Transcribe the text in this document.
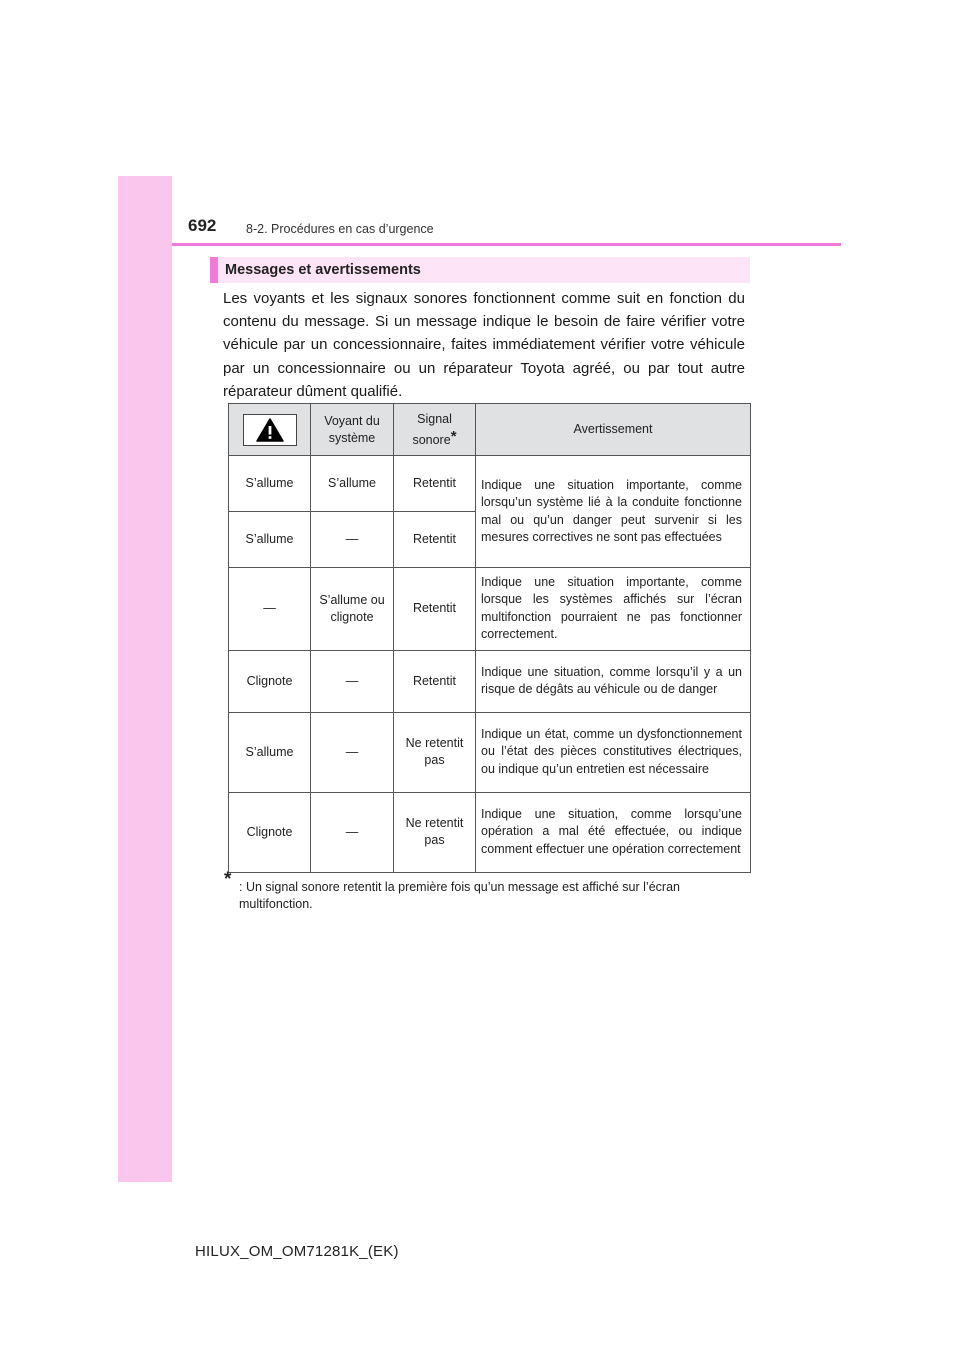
692 8-2. Procédures en cas d’urgence
Messages et avertissements
Les voyants et les signaux sonores fonctionnent comme suit en fonction du contenu du message. Si un message indique le besoin de faire vérifier votre véhicule par un concessionnaire, faites immédiatement vérifier votre véhicule par un concessionnaire ou un réparateur Toyota agréé, ou par tout autre réparateur dûment qualifié.
	Voyant du système	Signal sonore*	Avertissement
S’allume	S’allume	Retentit	Indique une situation importante, comme lorsqu’un système lié à la conduite fonctionne mal ou qu’un danger peut survenir si les mesures correctives ne sont pas effectuées
S’allume	—	Retentit	
—	S’allume ou clignote	Retentit	Indique une situation importante, comme lorsque les systèmes affichés sur l’écran multifonction pourraient ne pas fonctionner correctement.
Clignote	—	Retentit	Indique une situation, comme lorsqu’il y a un risque de dégâts au véhicule ou de danger
S’allume	—	Ne retentit pas	Indique un état, comme un dysfonctionnement ou l’état des pièces constitutives électriques, ou indique qu’un entretien est nécessaire
Clignote	—	Ne retentit pas	Indique une situation, comme lorsqu’une opération a mal été effectuée, ou indique comment effectuer une opération correctement
* : Un signal sonore retentit la première fois qu’un message est affiché sur l’écran multifonction.
HILUX_OM_OM71281K_(EK)
